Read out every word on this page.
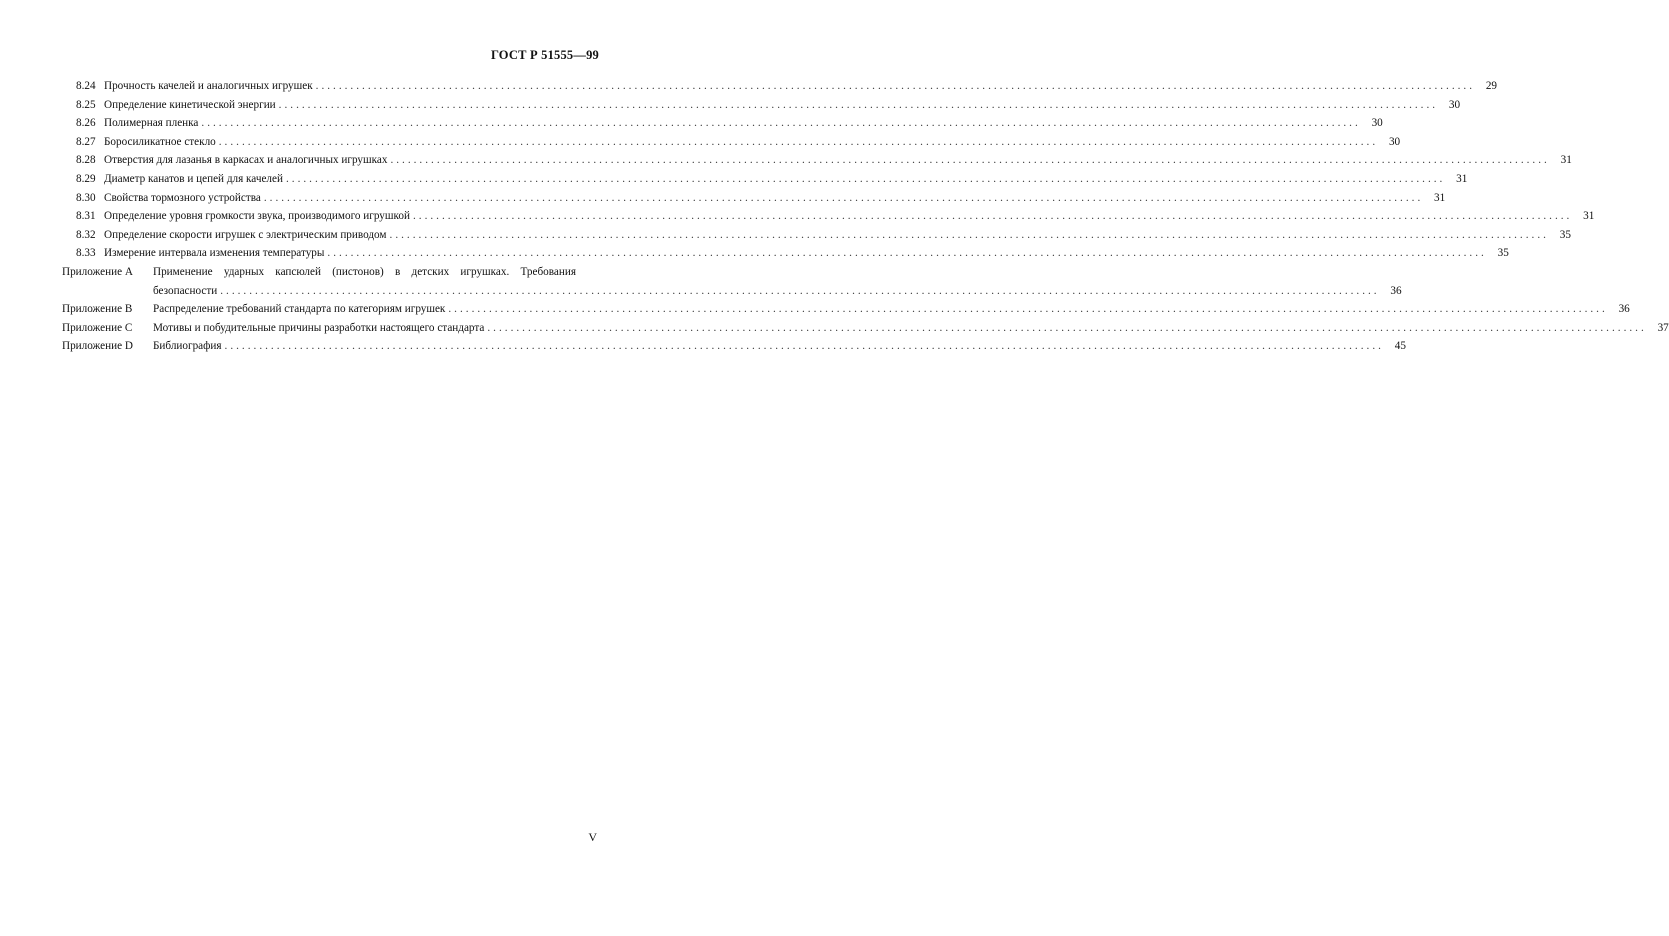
ГОСТ Р 51555—99
8.24 Прочность качелей и аналогичных игрушек ........................................................................................................................................................................................................ 29
8.25 Определение кинетической энергии ........................................................................................................................................................................................................ 30
8.26 Полимерная пленка ........................................................................................................................................................................................................ 30
8.27 Боросиликатное стекло ........................................................................................................................................................................................................ 30
8.28 Отверстия для лазанья в каркасах и аналогичных игрушках ........................................................................................................................................................................................................ 31
8.29 Диаметр канатов и цепей для качелей ........................................................................................................................................................................................................ 31
8.30 Свойства тормозного устройства ........................................................................................................................................................................................................ 31
8.31 Определение уровня громкости звука, производимого игрушкой ........................................................................................................................................................................................................ 31
8.32 Определение скорости игрушек с электрическим приводом ........................................................................................................................................................................................................ 35
8.33 Измерение интервала изменения температуры ........................................................................................................................................................................................................ 35
Приложение A Применение ударных капсюлей (пистонов) в детских игрушках. Требования
безопасности ........................................................................................................................................................................................................ 36
Приложение B Распределение требований стандарта по категориям игрушек ........................................................................................................................................................................................................ 36
Приложение C Мотивы и побудительные причины разработки настоящего стандарта ........................................................................................................................................................................................................ 37
Приложение D Библиография ........................................................................................................................................................................................................ 45
V
